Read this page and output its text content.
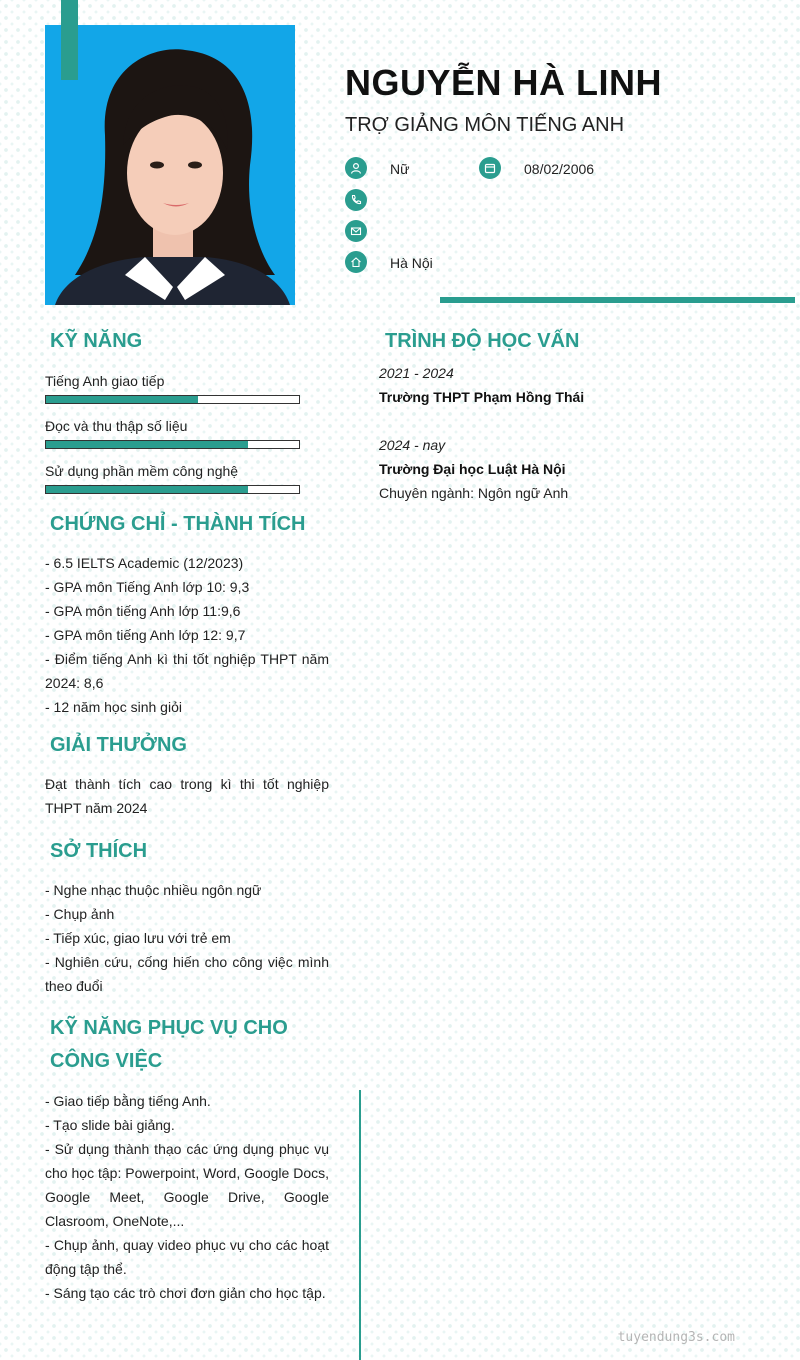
NGUYỄN HÀ LINH
TRỢ GIẢNG MÔN TIẾNG ANH
Nữ	08/02/2006
Hà Nội
KỸ NĂNG
Tiếng Anh giao tiếp
Đọc và thu thập số liệu
Sử dụng phần mềm công nghệ
CHỨNG CHỈ - THÀNH TÍCH
- 6.5 IELTS Academic (12/2023)
- GPA môn Tiếng Anh lớp 10: 9,3
- GPA môn tiếng Anh lớp 11:9,6
- GPA môn tiếng Anh lớp 12: 9,7
- Điểm tiếng Anh kì thi tốt nghiệp THPT năm 2024: 8,6
- 12 năm học sinh giỏi
GIẢI THƯỞNG
Đạt thành tích cao trong kì thi tốt nghiệp THPT năm 2024
SỞ THÍCH
- Nghe nhạc thuộc nhiều ngôn ngữ
- Chụp ảnh
- Tiếp xúc, giao lưu với trẻ em
- Nghiên cứu, cống hiến cho công việc mình theo đuổi
KỸ NĂNG PHỤC VỤ CHO
CÔNG VIỆC
- Giao tiếp bằng tiếng Anh.
- Tạo slide bài giảng.
- Sử dụng thành thạo các ứng dụng phục vụ cho học tập: Powerpoint, Word, Google Docs, Google Meet, Google Drive, Google Clasroom, OneNote,...
- Chụp ảnh, quay video phục vụ cho các hoạt động tập thể.
- Sáng tạo các trò chơi đơn giản cho học tập.
TRÌNH ĐỘ HỌC VẤN
2021 - 2024
Trường THPT Phạm Hồng Thái
2024 - nay
Trường Đại học Luật Hà Nội
Chuyên ngành: Ngôn ngữ Anh
tuyendung3s.com
